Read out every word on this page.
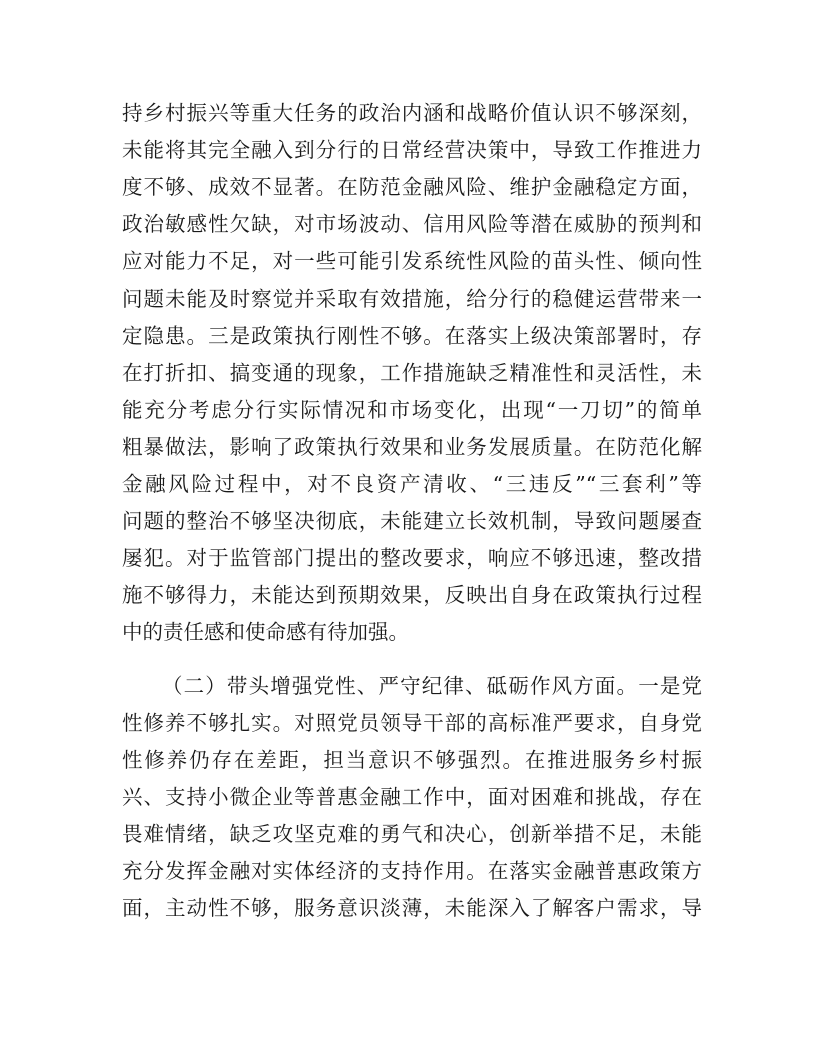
持乡村振兴等重大任务的政治内涵和战略价值认识不够深刻，

未能将其完全融入到分行的日常经营决策中，导致工作推进力

度不够、成效不显著。在防范金融风险、维护金融稳定方面，

政治敏感性欠缺，对市场波动、信用风险等潜在威胁的预判和

应对能力不足，对一些可能引发系统性风险的苗头性、倾向性

问题未能及时察觉并采取有效措施，给分行的稳健运营带来一

定隐患。三是政策执行刚性不够。在落实上级决策部署时，存

在打折扣、搞变通的现象，工作措施缺乏精准性和灵活性，未

能充分考虑分行实际情况和市场变化，出现“一刀切”的简单

粗暴做法，影响了政策执行效果和业务发展质量。在防范化解

金融风险过程中，对不良资产清收、“三违反”“三套利”等

问题的整治不够坚决彻底，未能建立长效机制，导致问题屡查

屡犯。对于监管部门提出的整改要求，响应不够迅速，整改措

施不够得力，未能达到预期效果，反映出自身在政策执行过程

中的责任感和使命感有待加强。

（二）带头增强党性、严守纪律、砥砺作风方面。一是党

性修养不够扎实。对照党员领导干部的高标准严要求，自身党

性修养仍存在差距，担当意识不够强烈。在推进服务乡村振

兴、支持小微企业等普惠金融工作中，面对困难和挑战，存在

畏难情绪，缺乏攻坚克难的勇气和决心，创新举措不足，未能

充分发挥金融对实体经济的支持作用。在落实金融普惠政策方

面，主动性不够，服务意识淡薄，未能深入了解客户需求，导
